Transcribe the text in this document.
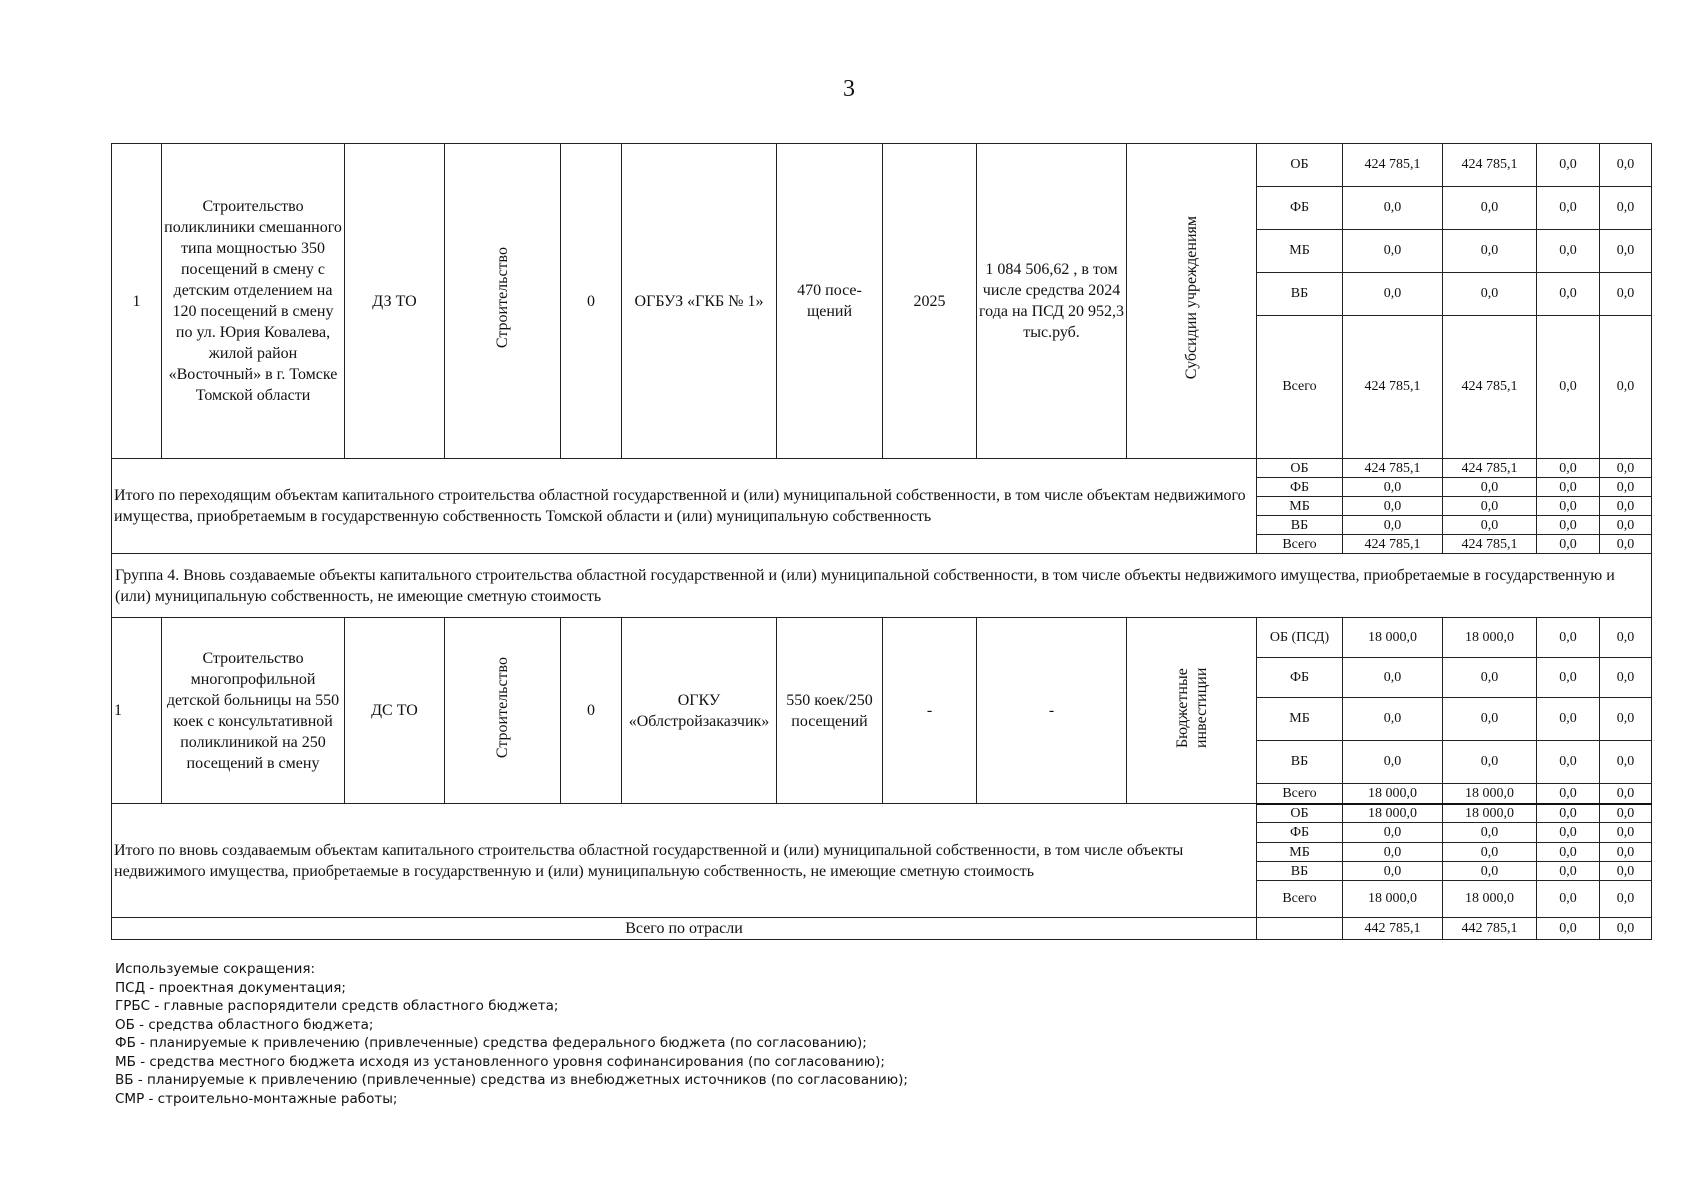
3
1	Строительство поликлиники смешанного типа мощностью 350 посещений в смену с детским отделением на 120 посещений в смену по ул. Юрия Ковалева, жилой район «Восточный» в г. Томске Томской области	ДЗ ТО	Строительство	0	ОГБУЗ «ГКБ № 1»	470 посе-щений	2025	1 084 506,62 , в том числе средства 2024 года на ПСД 20 952,3 тыс.руб.	Субсидии учреждениям	ОБ	424 785,1	424 785,1	0,0	0,0
										ФБ	0,0	0,0	0,0	0,0
										МБ	0,0	0,0	0,0	0,0
										ВБ	0,0	0,0	0,0	0,0
										Всего	424 785,1	424 785,1	0,0	0,0
Итого по переходящим объектам капитального строительства областной государственной и (или) муниципальной собственности, в том числе объектам недвижимого имущества, приобретаемым в государственную собственность Томской области и (или) муниципальную собственность										ОБ	424 785,1	424 785,1	0,0	0,0
										ФБ	0,0	0,0	0,0	0,0
										МБ	0,0	0,0	0,0	0,0
										ВБ	0,0	0,0	0,0	0,0
										Всего	424 785,1	424 785,1	0,0	0,0
Группа 4. Вновь создаваемые объекты капитального строительства областной государственной и (или) муниципальной собственности, в том числе объекты недвижимого имущества, приобретаемые в государственную и (или) муниципальную собственность, не имеющие сметную стоимость														
1	Строительство многопрофильной детской больницы на 550 коек с консультативной поликлиникой на 250 посещений в смену	ДС ТО	Строительство	0	ОГКУ «Облстройзаказчик»	550 коек/250 посещений	-	-	Бюджетные инвестиции	ОБ (ПСД)	18 000,0	18 000,0	0,0	0,0
										ФБ	0,0	0,0	0,0	0,0
										МБ	0,0	0,0	0,0	0,0
										ВБ	0,0	0,0	0,0	0,0
										Всего	18 000,0	18 000,0	0,0	0,0
Итого по вновь создаваемым объектам капитального строительства областной государственной и (или) муниципальной собственности, в том числе объекты недвижимого имущества, приобретаемые в государственную и (или) муниципальную собственность, не имеющие сметную стоимость										ОБ	18 000,0	18 000,0	0,0	0,0
										ФБ	0,0	0,0	0,0	0,0
										МБ	0,0	0,0	0,0	0,0
										ВБ	0,0	0,0	0,0	0,0
										Всего	18 000,0	18 000,0	0,0	0,0
Всего по отрасли											442 785,1	442 785,1	0,0	0,0
Используемые сокращения:
ПСД - проектная документация;
ГРБС - главные распорядители средств областного бюджета;
ОБ - средства областного бюджета;
ФБ - планируемые к привлечению (привлеченные) средства федерального бюджета (по согласованию);
МБ - средства местного бюджета исходя из установленного уровня софинансирования (по согласованию);
ВБ - планируемые к привлечению (привлеченные) средства из внебюджетных источников (по согласованию);
СМР - строительно-монтажные работы;
